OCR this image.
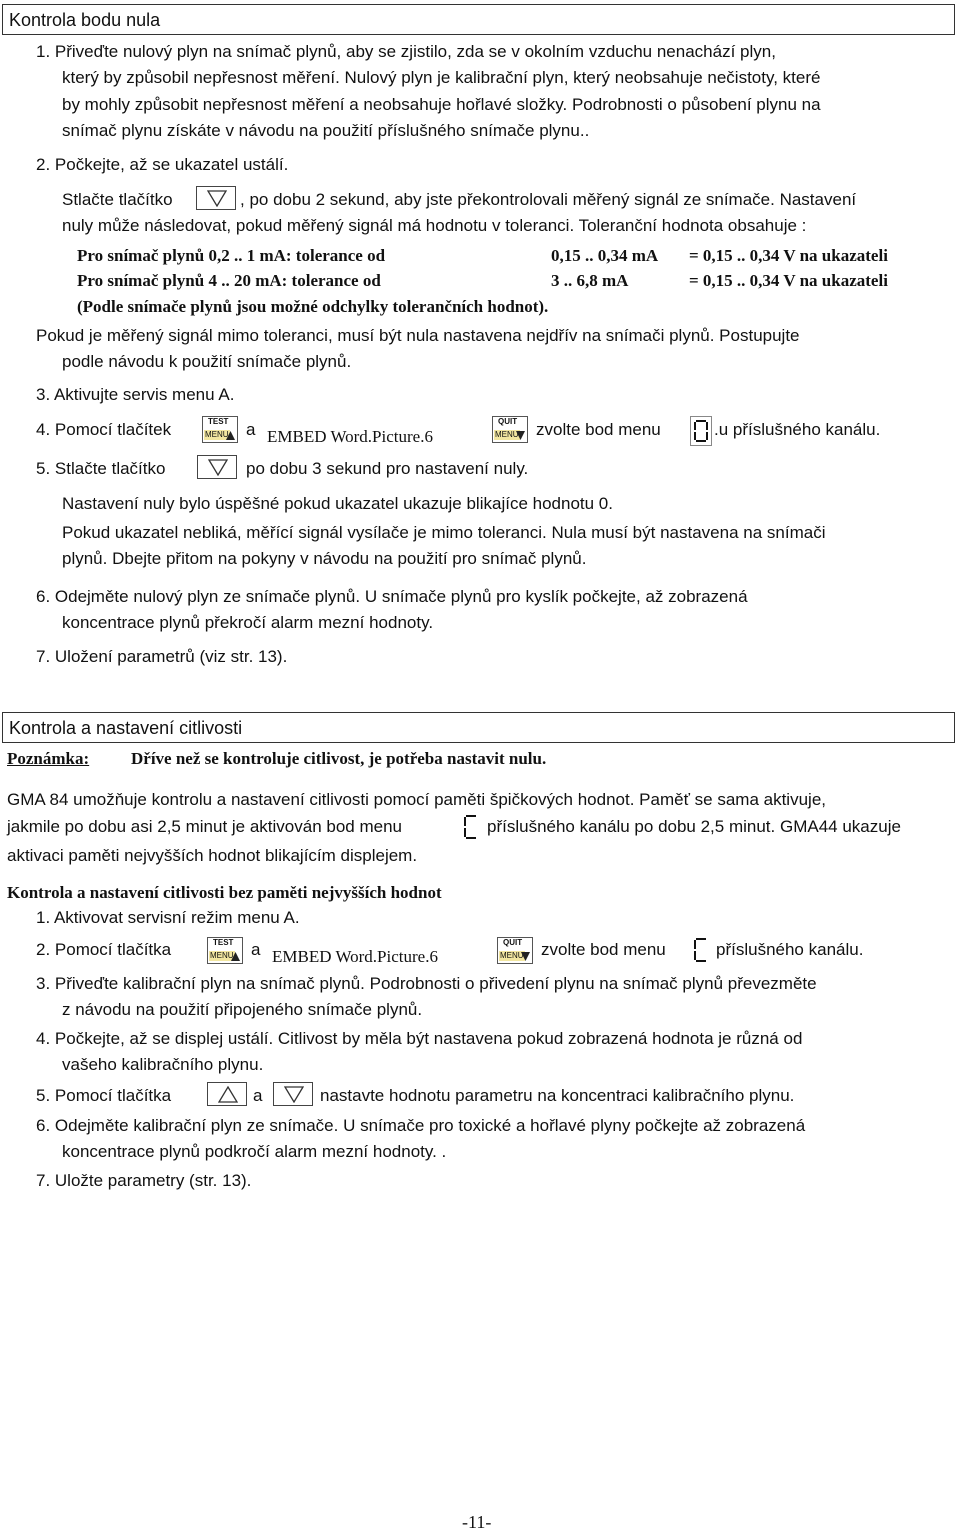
Kontrola bodu nula
1. Přiveďte nulový plyn na snímač plynů, aby se zjistilo, zda se v okolním vzduchu nenachází plyn,
který by způsobil nepřesnost měření. Nulový plyn je kalibrační plyn, který neobsahuje nečistoty, které
by mohly způsobit nepřesnost měření a neobsahuje hořlavé složky. Podrobnosti o působení plynu na
snímač plynu získáte v návodu na použití příslušného snímače plynu..
2. Počkejte, až se ukazatel ustálí.
Stlačte tlačítko	, po dobu 2 sekund, aby jste překontrolovali měřený signál ze snímače. Nastavení
nuly může následovat, pokud měřený signál má hodnotu v toleranci. Toleranční hodnota obsahuje :
Pro snímač plynů 0,2 .. 1 mA: tolerance od	0,15 .. 0,34 mA = 0,15 .. 0,34 V na ukazateli
Pro snímač plynů 4 .. 20 mA: tolerance od	3 .. 6,8 mA	= 0,15 .. 0,34 V na ukazateli
(Podle snímače plynů jsou možné odchylky tolerančních hodnot).
Pokud je měřený signál mimo toleranci, musí být nula nastavena nejdřív na snímači plynů. Postupujte
podle návodu k použití snímače plynů.
3. Aktivujte servis menu A.
4. Pomocí tlačítek	TEST
MENU a EMBED Word.Picture.6
QUIT
MENU zvolte bod menu	.u příslušného kanálu.
5. Stlačte tlačítko	po dobu 3 sekund pro nastavení nuly.
Nastavení nuly bylo úspěšné pokud ukazatel ukazuje blikajíce hodnotu 0.
Pokud ukazatel nebliká, měřící signál vysílače je mimo toleranci. Nula musí být nastavena na snímači
plynů. Dbejte přitom na pokyny v návodu na použití pro snímač plynů.
6. Odejměte nulový plyn ze snímače plynů. U snímače plynů pro kyslík počkejte, až zobrazená
koncentrace plynů překročí alarm mezní hodnoty.
7. Uložení parametrů (viz str. 13).
Kontrola a nastavení citlivosti
Poznámka: Dříve než se kontroluje citlivost, je potřeba nastavit nulu.
GMA 84 umožňuje kontrolu a nastavení citlivosti pomocí paměti špičkových hodnot. Paměť se sama aktivuje,
jakmile po dobu asi 2,5 minut je aktivován bod menu	příslušného kanálu po dobu 2,5 minut. GMA44 ukazuje
aktivaci paměti nejvyšších hodnot blikajícím displejem.
Kontrola a nastavení citlivosti bez paměti nejvyšších hodnot
1. Aktivovat servisní režim menu A.
2. Pomocí tlačítka	TEST
MENU a EMBED Word.Picture.6
QUIT
MENU zvolte bod menu	příslušného kanálu.
3. Přiveďte kalibrační plyn na snímač plynů. Podrobnosti o přivedení plynu na snímač plynů převezměte
z návodu na použití připojeného snímače plynů.
4. Počkejte, až se displej ustálí. Citlivost by měla být nastavena pokud zobrazená hodnota je různá od
vašeho kalibračního plynu.
5. Pomocí tlačítka	a	nastavte hodnotu parametru na koncentraci kalibračního plynu.
6. Odejměte kalibrační plyn ze snímače. U snímače pro toxické a hořlavé plyny počkejte až zobrazená
koncentrace plynů podkročí alarm mezní hodnoty. .
7. Uložte parametry (str. 13).
-11-
